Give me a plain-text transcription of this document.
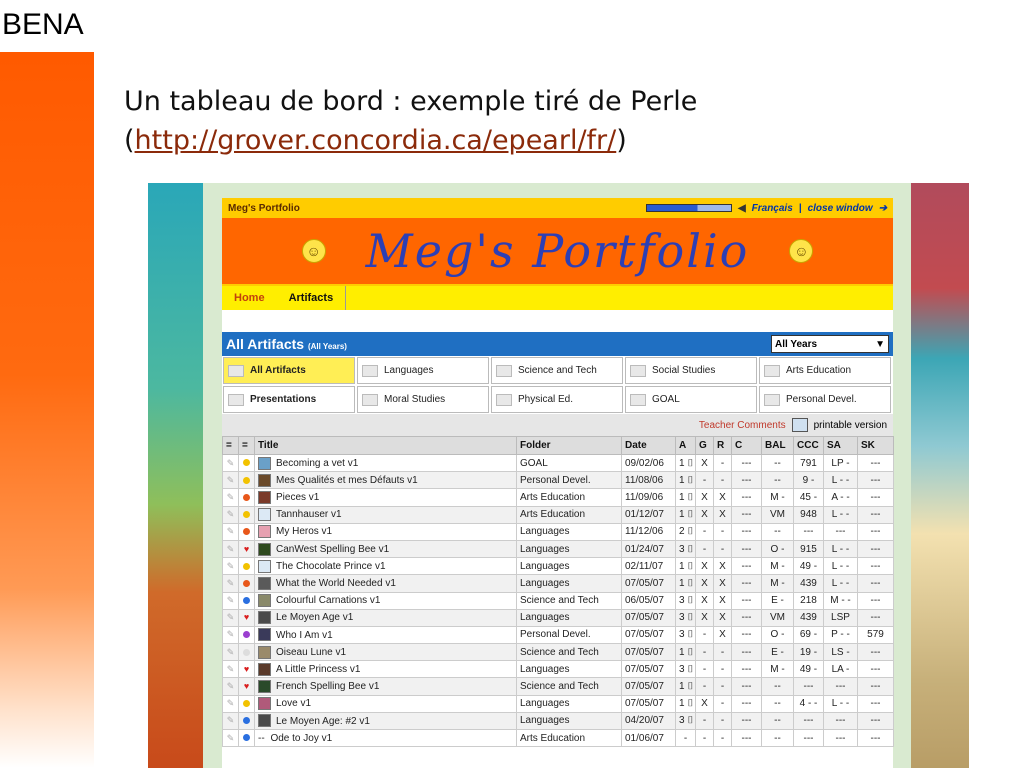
BENA
Un tableau de bord : exemple tiré de Perle
(http://grover.concordia.ca/epearl/fr/)
Meg's Portfolio	◀ Français | close window ➔
☺ Meg's Portfolio	☺
Home	Artifacts
All Artifacts (All Years)	All Years	▼
All Artifacts	Languages	Science and Tech	Social Studies	Arts Education
Presentations	Moral Studies	Physical Ed.	GOAL	Personal Devel.
Teacher Comments	printable version
=	=	Title	Folder	Date	A	G	R	C	BAL	CCC	SA	SK
✎		Becoming a vet v1	GOAL	09/02/06	1 ⌷	X	-	---	--	791	LP -	---
✎		Mes Qualités et mes Défauts v1	Personal Devel.	11/08/06	1 ⌷	-	-	---	--	9 -	L - -	---
✎		Pieces v1	Arts Education	11/09/06	1 ⌷	X	X	---	M -	45 -	A - -	---
✎		Tannhauser v1	Arts Education	01/12/07	1 ⌷	X	X	---	VM	948	L - -	---
✎		My Heros v1	Languages	11/12/06	2 ⌷	-	-	---	--	---	---	---
✎	♥	CanWest Spelling Bee v1	Languages	01/24/07	3 ⌷	-	-	---	O -	915	L - -	---
✎		The Chocolate Prince v1	Languages	02/11/07	1 ⌷	X	X	---	M -	49 -	L - -	---
✎		What the World Needed v1	Languages	07/05/07	1 ⌷	X	X	---	M -	439	L - -	---
✎		Colourful Carnations v1	Science and Tech	06/05/07	3 ⌷	X	X	---	E -	218	M - -	---
✎	♥	Le Moyen Age v1	Languages	07/05/07	3 ⌷	X	X	---	VM	439	LSP	---
✎		Who I Am v1	Personal Devel.	07/05/07	3 ⌷	-	X	---	O -	69 -	P - -	579
✎		Oiseau Lune v1	Science and Tech	07/05/07	1 ⌷	-	-	---	E -	19 -	LS -	---
✎	♥	A Little Princess v1	Languages	07/05/07	3 ⌷	-	-	---	M -	49 -	LA -	---
✎	♥	French Spelling Bee v1	Science and Tech	07/05/07	1 ⌷	-	-	---	--	---	---	---
✎		Love v1	Languages	07/05/07	1 ⌷	X	-	---	--	4 - -	L - -	---
✎		Le Moyen Age: #2 v1	Languages	04/20/07	3 ⌷	-	-	---	--	---	---	---
✎		-- Ode to Joy v1	Arts Education	01/06/07	-	-	-	---	--	---	---	---
